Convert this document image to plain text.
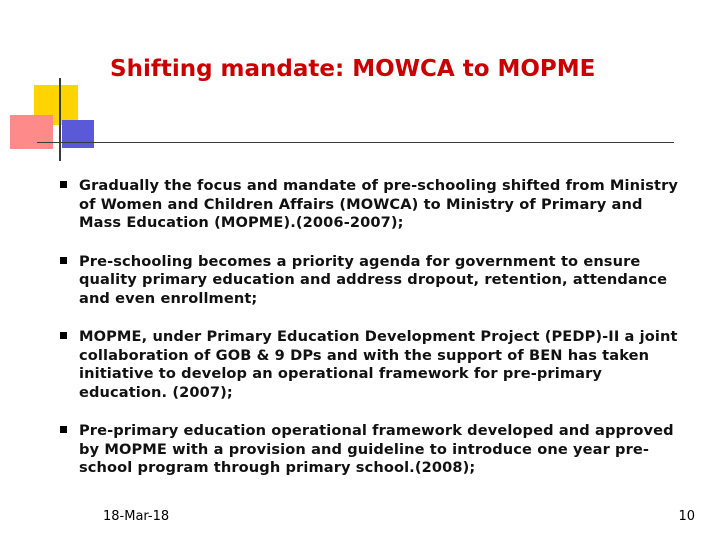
Shifting mandate: MOWCA to MOPME
Gradually the focus and mandate of pre-schooling shifted from Ministry of Women and Children Affairs (MOWCA) to Ministry of Primary and Mass Education (MOPME).(2006-2007);
Pre-schooling becomes a priority agenda for government to ensure quality primary education and address dropout, retention, attendance and even enrollment;
MOPME, under Primary Education Development Project (PEDP)-II a joint collaboration of GOB & 9 DPs and with the support of BEN has taken initiative to develop an operational framework for pre-primary education. (2007);
Pre-primary education operational framework developed and approved by MOPME with a provision and guideline to introduce one year pre-school program through primary school.(2008);
18-Mar-18	10
